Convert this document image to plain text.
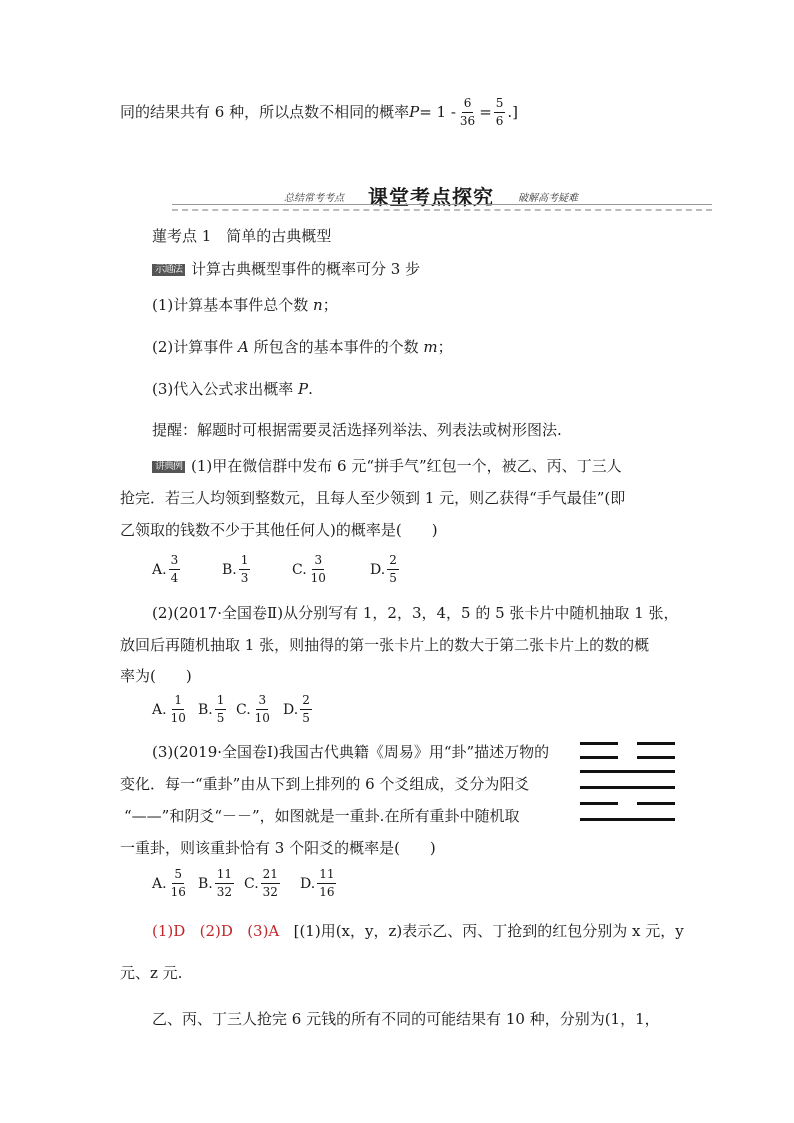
同的结果共有 6 种，所以点数不相同的概率 $P = 1 - \frac{6}{36} = \frac{5}{6}$ .]
总结常考考点 课堂考点探究 破解高考疑难
蓮考点 1　简单的古典概型
示通法 计算古典概型事件的概率可分 3 步
(1)计算基本事件总个数 n；
(2)计算事件 A 所包含的基本事件的个数 m；
(3)代入公式求出概率 P.
提醒：解题时可根据需要灵活选择列举法、列表法或树形图法.
讲典例 (1)甲在微信群中发布 6 元“拼手气”红包一个，被乙、丙、丁三人
抢完．若三人均领到整数元，且每人至少领到 1 元，则乙获得“手气最佳”(即
乙领取的钱数不少于其他任何人)的概率是(　　)
A. $\frac{3}{4}$	B. $\frac{1}{3}$	C. $\frac{3}{10}$	D. $\frac{2}{5}$
(2)(2017·全国卷Ⅱ)从分别写有 1，2，3，4，5 的 5 张卡片中随机抽取 1 张，
放回后再随机抽取 1 张，则抽得的第一张卡片上的数大于第二张卡片上的数的概
率为(　　)
A. $\frac{1}{10} B$. $\frac{1}{5} C$. $\frac{3}{10} D$. $\frac{2}{5}$
(3)(2019·全国卷Ⅰ)我国古代典籍《周易》用“卦”描述万物的
变化．每一“重卦”由从下到上排列的 6 个爻组成，爻分为阳爻
“——”和阴爻“－－”，如图就是一重卦.在所有重卦中随机取
一重卦，则该重卦恰有 3 个阳爻的概率是(　　)
A. $\frac{5}{16} B$. $\frac{11}{32} C$. $\frac{21}{32} D$. $\frac{11}{16}$
(1)D (2)D (3)A [(1)用(x，y，z)表示乙、丙、丁抢到的红包分别为 x 元，y
元、z 元.
乙、丙、丁三人抢完 6 元钱的所有不同的可能结果有 10 种，分别为(1，1，
